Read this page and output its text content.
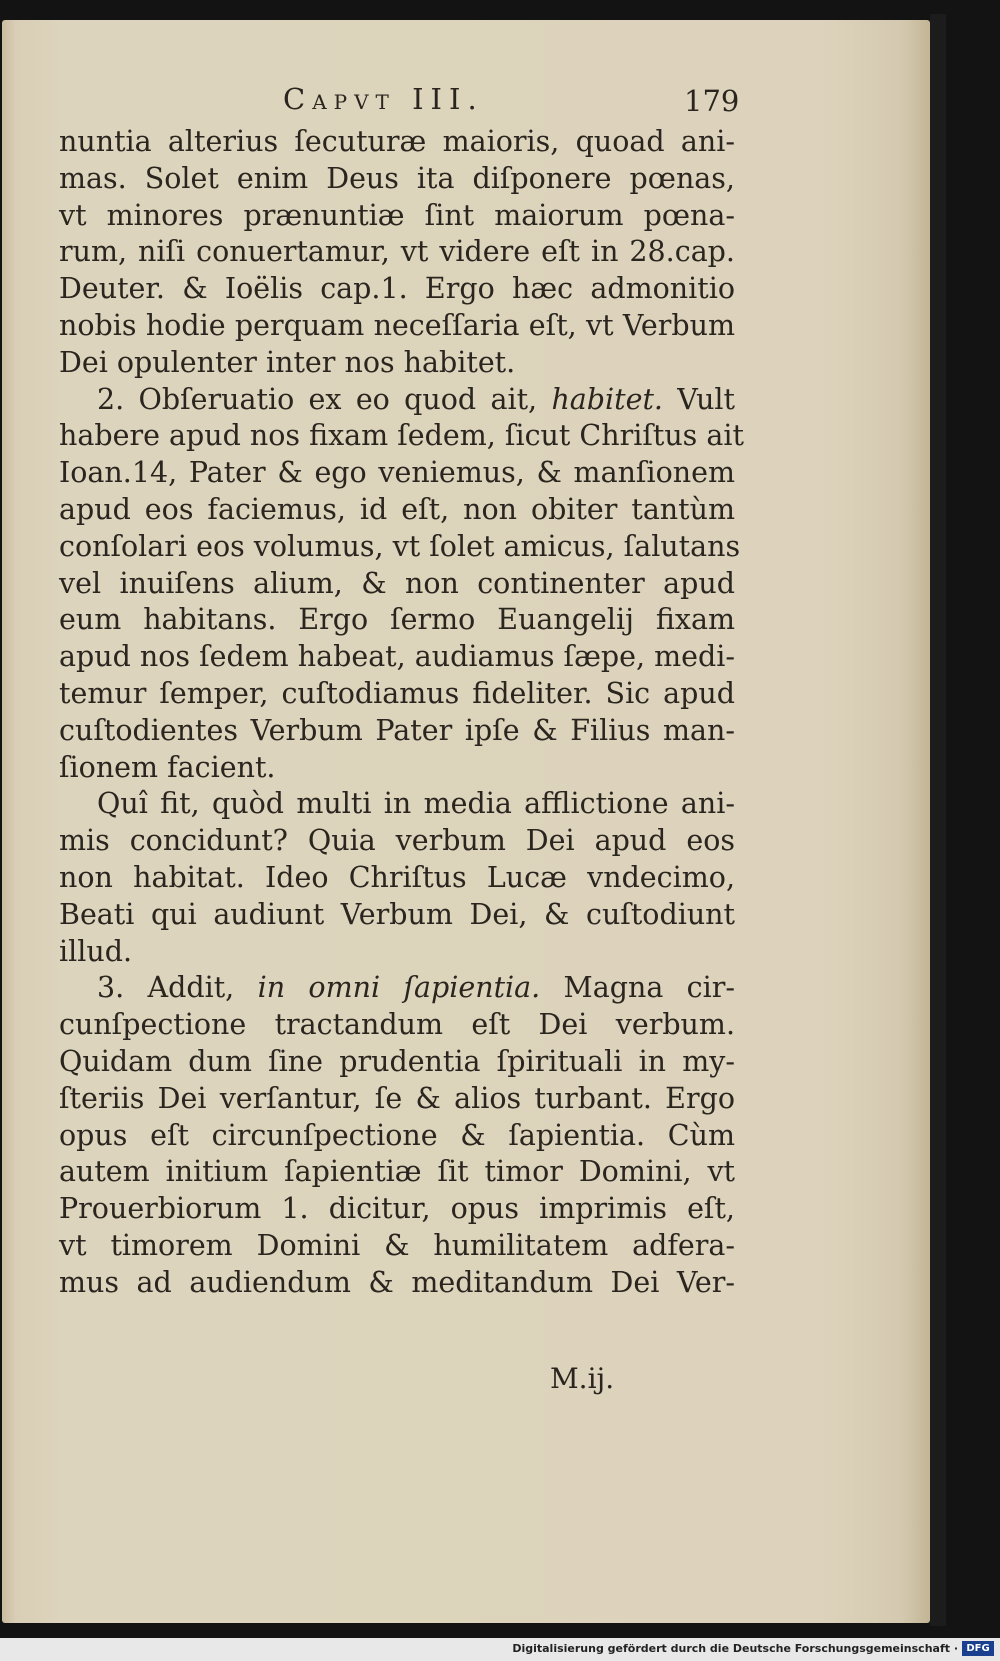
Capvt III.	179
nuntia alterius ſecuturæ maioris, quoad ani-
mas. Solet enim Deus ita diſponere pœnas,
vt minores prænuntiæ ſint maiorum pœna-
rum, niſi conuertamur, vt videre eſt in 28.cap.
Deuter. & Ioëlis cap.1. Ergo hæc admonitio
nobis hodie perquam neceſſaria eſt, vt Verbum
Dei opulenter inter nos habitet.
2. Obſeruatio ex eo quod ait, habitet. Vult
habere apud nos fixam ſedem, ſicut Chriſtus ait
Ioan.14, Pater & ego veniemus, & manſionem
apud eos faciemus, id eſt, non obiter tantùm
conſolari eos volumus, vt ſolet amicus, ſalutans
vel inuiſens alium, & non continenter apud
eum habitans. Ergo ſermo Euangelij fixam
apud nos ſedem habeat, audiamus ſæpe, medi-
temur ſemper, cuſtodiamus fideliter. Sic apud
cuſtodientes Verbum Pater ipſe & Filius man-
ſionem facient.
Quî fit, quòd multi in media afflictione ani-
mis concidunt? Quia verbum Dei apud eos
non habitat. Ideo Chriſtus Lucæ vndecimo,
Beati qui audiunt Verbum Dei, & cuſtodiunt
illud.
3. Addit, in omni ſapientia. Magna cir-
cunſpectione tractandum eſt Dei verbum.
Quidam dum ſine prudentia ſpirituali in my-
ſteriis Dei verſantur, ſe & alios turbant. Ergo
opus eſt circunſpectione & ſapientia. Cùm
autem initium ſapientiæ ſit timor Domini, vt
Prouerbiorum 1. dicitur, opus imprimis eſt,
vt timorem Domini & humilitatem adferа-
mus ad audiendum & meditandum Dei Ver-
M.ij.
Digitalisierung gefördert durch die Deutsche Forschungsgemeinschaft · DFG
